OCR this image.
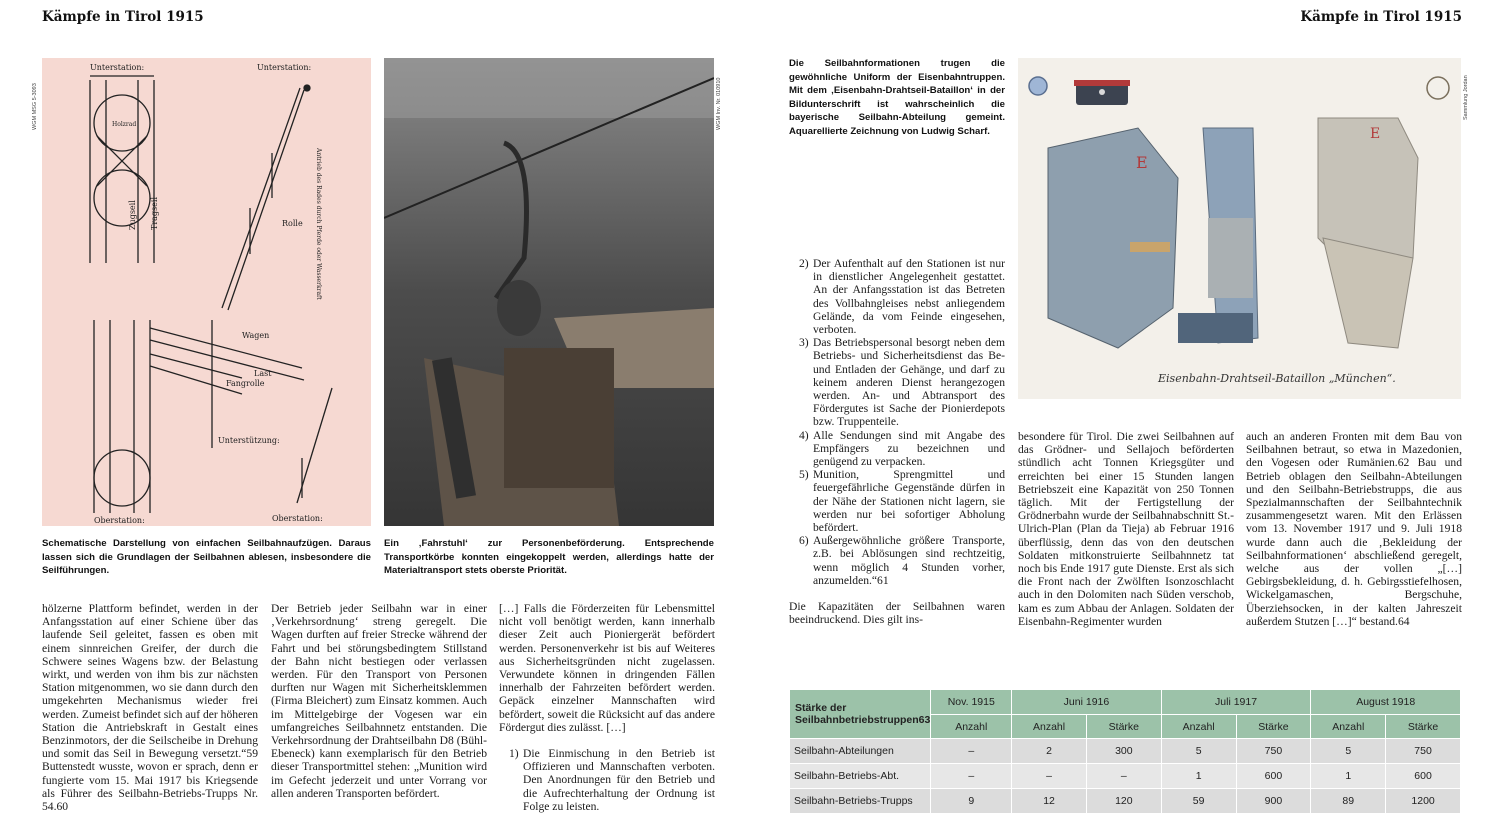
Kämpfe in Tirol 1915	Kämpfe in Tirol 1915
Unterstation:	Unterstation:
Oberstation:	Oberstation:
Unterstützung:
Wagen
Last
Fangrolle
Rolle
Holzrad
Tragseil
Zugseil	Antrieb des Rades durch Pferde oder Wasserkraft
WGM MSG 5-3093	WGM Inv. Nr. 010910
Schematische Darstellung von einfachen Seilbahnaufzügen. Daraus lassen sich die Grundlagen der Seilbahnen ablesen, insbesondere die Seilführungen.
Ein ‚Fahrstuhl‘ zur Personenbeförderung. Entsprechende Transportkörbe konnten eingekoppelt werden, allerdings hatte der Materialtransport stets oberste Priorität.

hölzerne Plattform befindet, werden in der Anfangsstation auf einer Schiene über das laufende Seil geleitet, fassen es oben mit einem sinnreichen Greifer, der durch die Schwere seines Wagens bzw. der Belastung wirkt, und werden von ihm bis zur nächsten Station mitgenommen, wo sie dann durch den umgekehrten Mechanismus wieder frei werden. Zumeist befindet sich auf der höheren Station die Antriebskraft in Gestalt eines Benzinmotors, der die Seilscheibe in Drehung und somit das Seil in Bewegung versetzt.“59 Buttenstedt wusste, wovon er sprach, denn er fungierte vom 15. Mai 1917 bis Kriegsende als Führer des Seilbahn-Betriebs-Trupps Nr. 54.60

Der Betrieb jeder Seilbahn war in einer ‚Verkehrsordnung‘ streng geregelt. Die Wagen durften auf freier Strecke während der Fahrt und bei störungsbedingtem Stillstand der Bahn nicht bestiegen oder verlassen werden. Für den Transport von Personen durften nur Wagen mit Sicherheitsklemmen (Firma Bleichert) zum Einsatz kommen. Auch im Mittelgebirge der Vogesen war ein umfangreiches Seilbahnnetz entstanden. Die Verkehrsordnung der Drahtseilbahn D8 (Bühl-Ebeneck) kann exemplarisch für den Betrieb dieser Transportmittel stehen: „Munition wird im Gefecht jederzeit und unter Vorrang vor allen anderen Transporten befördert.

[…] Falls die Förderzeiten für Lebensmittel nicht voll benötigt werden, kann innerhalb dieser Zeit auch Pioniergerät befördert werden. Personenverkehr ist bis auf Weiteres aus Sicherheitsgründen nicht zugelassen. Verwundete können in dringenden Fällen innerhalb der Fahrzeiten befördert werden. Gepäck einzelner Mannschaften wird befördert, soweit die Rücksicht auf das andere Fördergut dies zulässt. […]

1) Die Einmischung in den Betrieb ist Offizieren und Mannschaften verboten. Den Anordnungen für den Betrieb und die Aufrechterhaltung der Ordnung ist Folge zu leisten.
Die Seilbahnformationen trugen die gewöhnliche Uniform der Eisenbahntruppen. Mit dem ‚Eisenbahn-Drahtseil-Bataillon‘ in der Bildunterschrift ist wahrscheinlich die bayerische Seilbahn-Abteilung gemeint. Aquarellierte Zeichnung von Ludwig Scharf.
E
E
Eisenbahn-Drahtseil-Bataillon „München“.
Sammlung Jordan
2) Der Aufenthalt auf den Stationen ist nur in dienstlicher Angelegenheit gestattet. An der Anfangsstation ist das Betreten des Vollbahngleises nebst anliegendem Gelände, da vom Feinde eingesehen, verboten.
3) Das Betriebspersonal besorgt neben dem Betriebs- und Sicherheitsdienst das Be- und Entladen der Gehänge, und darf zu keinem anderen Dienst herangezogen werden. An- und Abtransport des Fördergutes ist Sache der Pionierdepots bzw. Truppenteile.
4) Alle Sendungen sind mit Angabe des Empfängers zu bezeichnen und genügend zu verpacken.
5) Munition, Sprengmittel und feuergefährliche Gegenstände dürfen in der Nähe der Stationen nicht lagern, sie werden nur bei sofortiger Abholung befördert.
6) Außergewöhnliche größere Transporte, z.B. bei Ablösungen sind rechtzeitig, wenn möglich 4 Stunden vorher, anzumelden.“61

Die Kapazitäten der Seilbahnen waren beeindruckend. Dies gilt ins-

besondere für Tirol. Die zwei Seilbahnen auf das Grödner- und Sellajoch beförderten stündlich acht Tonnen Kriegsgüter und erreichten bei einer 15 Stunden langen Betriebszeit eine Kapazität von 250 Tonnen täglich. Mit der Fertigstellung der Grödnerbahn wurde der Seilbahnabschnitt St.-Ulrich-Plan (Plan da Tieja) ab Februar 1916 überflüssig, denn das von den deutschen Soldaten mitkonstruierte Seilbahnnetz tat noch bis Ende 1917 gute Dienste. Erst als sich die Front nach der Zwölften Isonzoschlacht auch in den Dolomiten nach Süden verschob, kam es zum Abbau der Anlagen. Soldaten der Eisenbahn-Regimenter wurden

auch an anderen Fronten mit dem Bau von Seilbahnen betraut, so etwa in Mazedonien, den Vogesen oder Rumänien.62 Bau und Betrieb oblagen den Seilbahn-Abteilungen und den Seilbahn-Betriebstrupps, die aus Spezialmannschaften der Seilbahntechnik zusammengesetzt waren. Mit den Erlässen vom 13. November 1917 und 9. Juli 1918 wurde dann auch die ‚Bekleidung der Seilbahnformationen‘ abschließend geregelt, welche aus der vollen „[…] Gebirgsbekleidung, d. h. Gebirgsstiefelhosen, Wickelgamaschen, Bergschuhe, Überziehsocken, in der kalten Jahreszeit außerdem Stutzen […]“ bestand.64

Stärke der Seilbahnbetriebstruppen63	Nov. 1915	Juni 1916		Juli 1917		August 1918	
	Anzahl	Anzahl	Stärke	Anzahl	Stärke	Anzahl	Stärke
Seilbahn-Abteilungen	–	2	300	5	750	5	750
Seilbahn-Betriebs-Abt.	–	–	–	1	600	1	600
Seilbahn-Betriebs-Trupps	9	12	120	59	900	89	1200
